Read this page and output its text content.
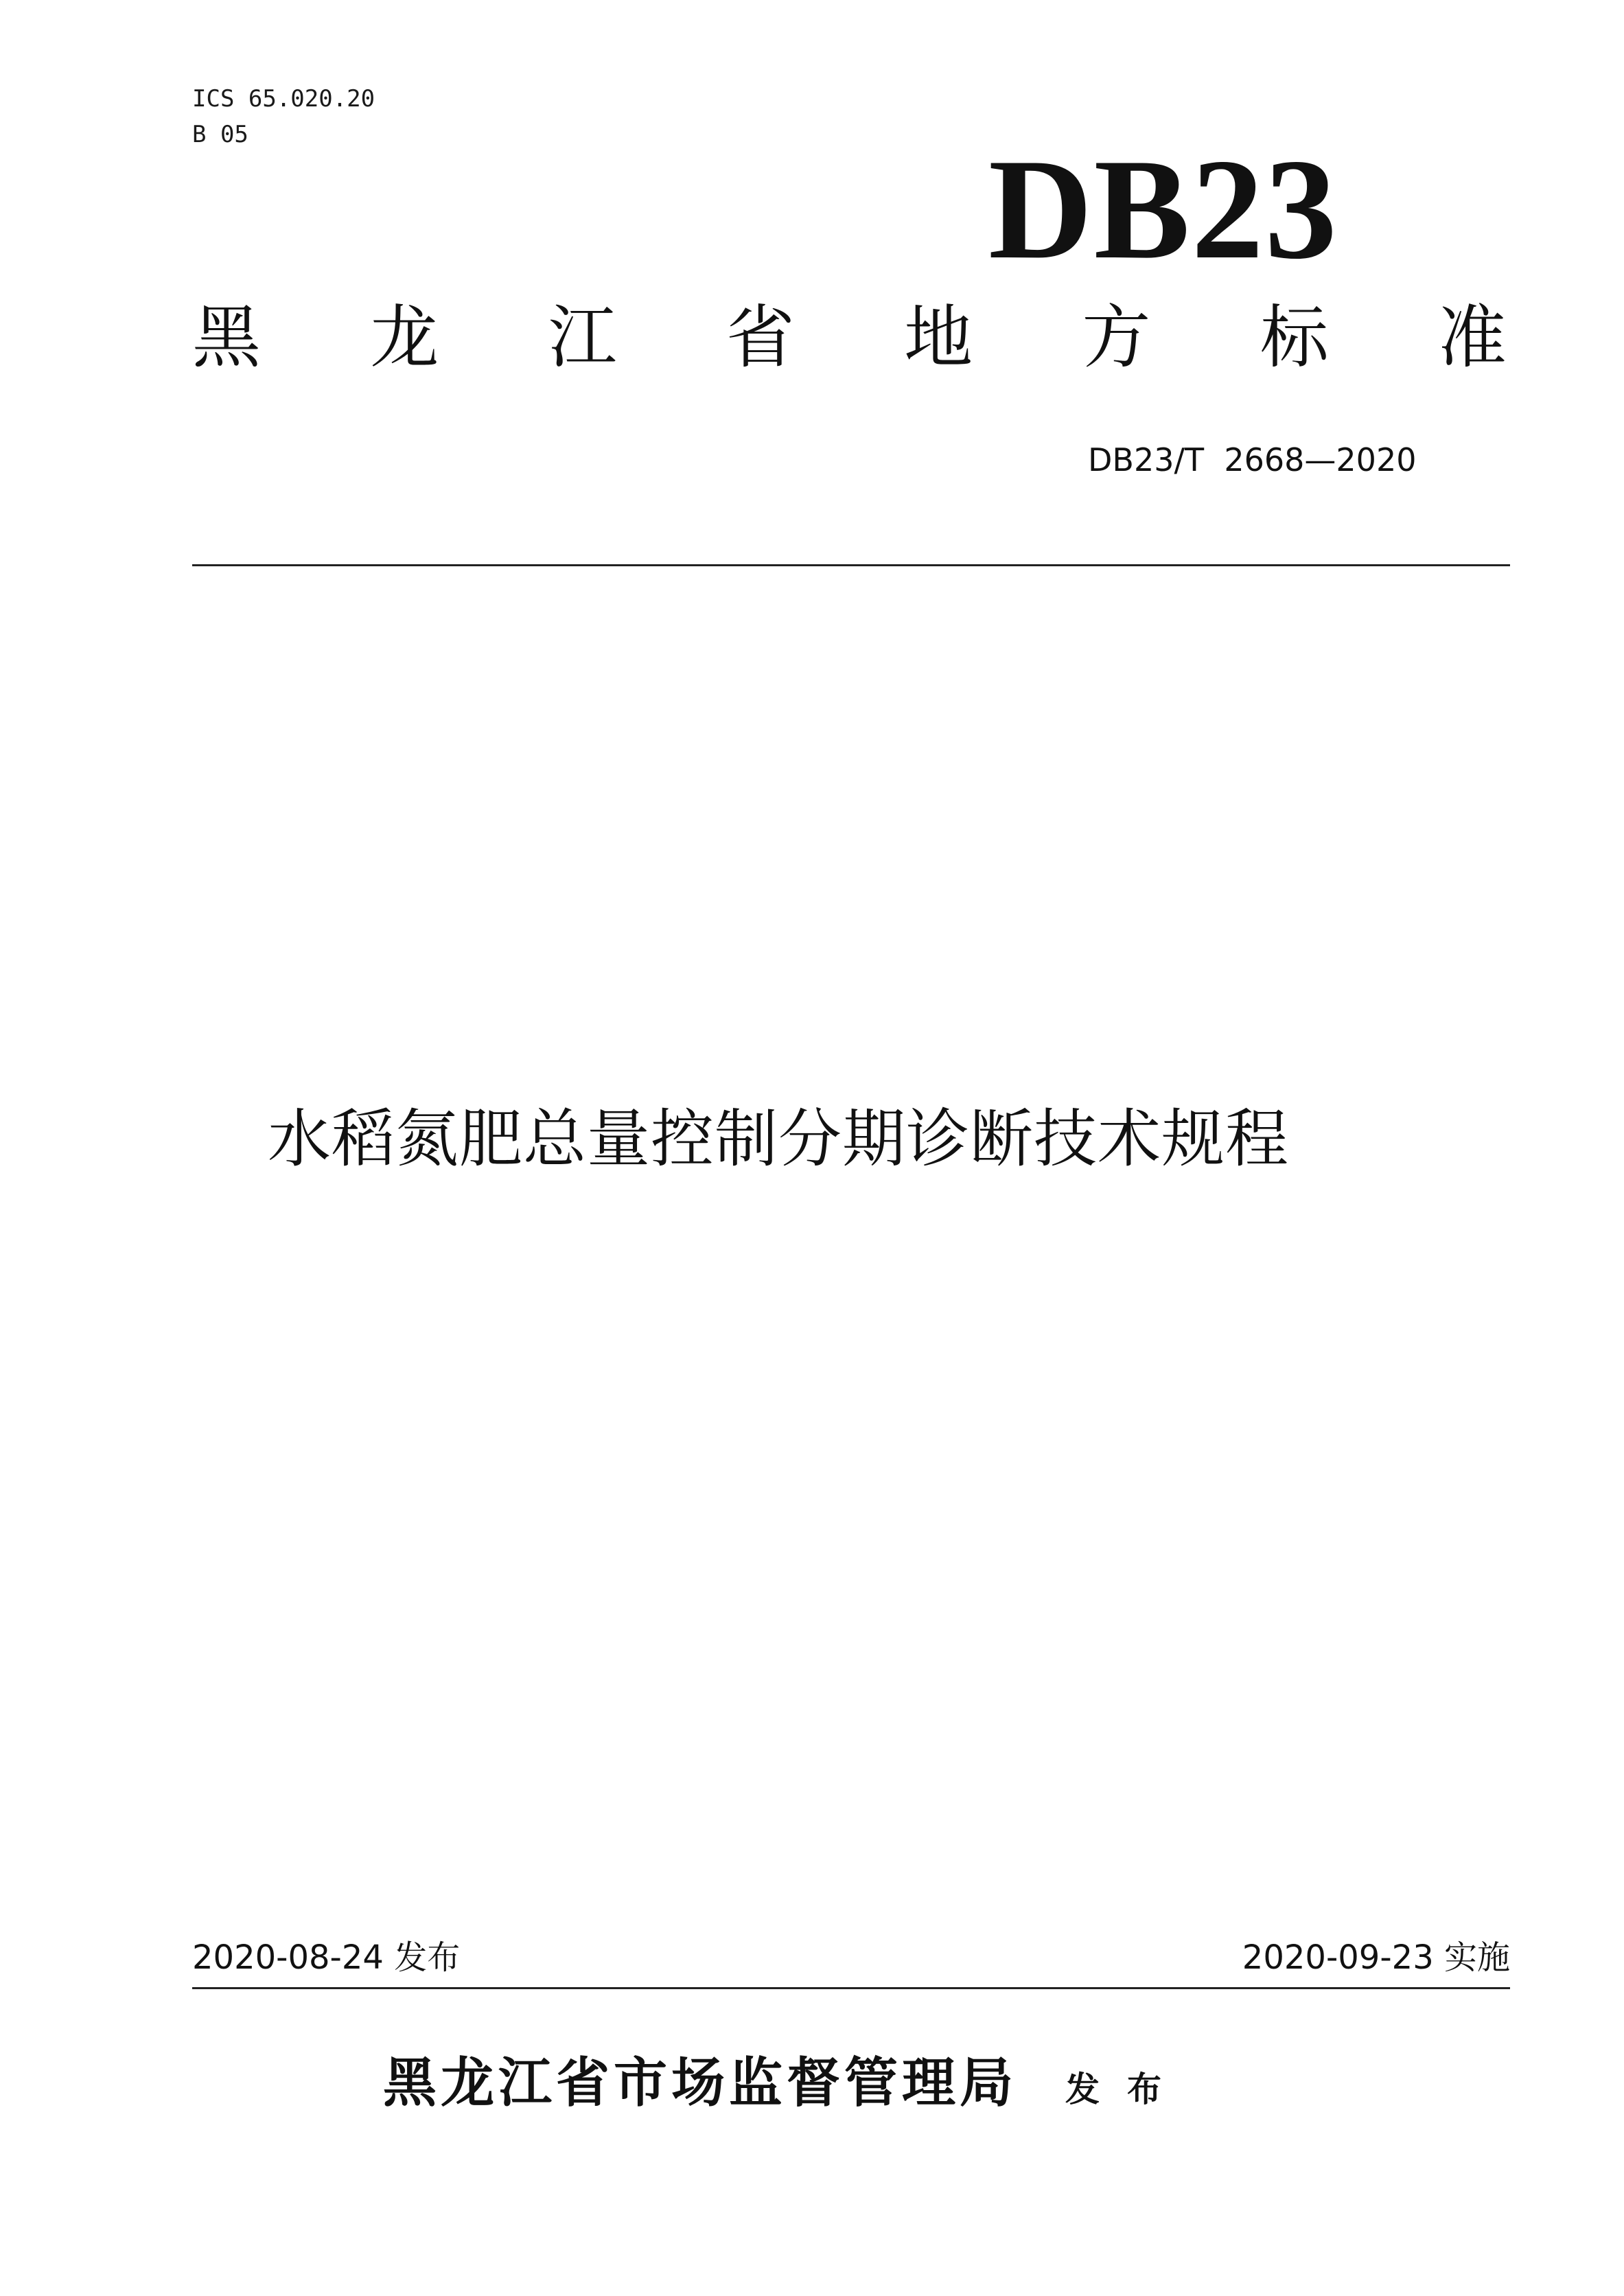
ICS 65.020.20
B 05	DB23
黑 龙 江 省 地 方 标 准
DB23/T  2668—2020
水稻氮肥总量控制分期诊断技术规程
2020-08-24 发布	2020-09-23 实施
黑龙江省市场监督管理局 发布
